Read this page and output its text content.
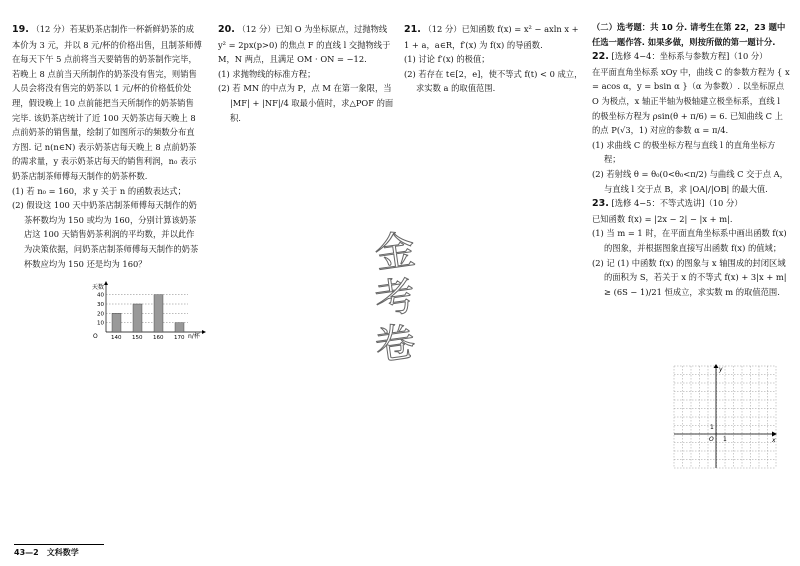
19. （12 分）若某奶茶店制作一杯新鲜奶茶的成本价为 3 元，并以 8 元/杯的价格出售，且制茶师傅在每天下午 5 点前将当天要销售的奶茶制作完毕，若晚上 8 点前当天所制作的奶茶没有售完，则销售人员会将没有售完的奶茶以 1 元/杯的价格低价处理，假设晚上 10 点前能把当天所制作的奶茶销售完毕. 该奶茶店统计了近 100 天奶茶店每天晚上 8 点前奶茶的销售量，绘制了如图所示的频数分布直方图. 记 n(n∈N) 表示奶茶店每天晚上 8 点前奶茶的需求量，y 表示奶茶店每天的销售利润，n₀ 表示奶茶店制茶师傅每天制作的奶茶杯数.

(1) 若 n₀ = 160，求 y 关于 n 的函数表达式；

(2) 假设这 100 天中奶茶店制茶师傅每天制作的奶茶杯数均为 150 或均为 160，分别计算该奶茶店这 100 天销售奶茶利润的平均数，并以此作为决策依据，问奶茶店制茶师傅每天制作的奶茶杯数应均为 150 还是均为 160？

天数
O	n/杯
10
20
30
40
140 150 160 170

20. （12 分）已知 O 为坐标原点，过抛物线 y² = 2px(p>0) 的焦点 F 的直线 l 交抛物线于 M，N 两点，且满足 OM · ON = −12.

(1) 求抛物线的标准方程；

(2) 若 MN 的中点为 P，点 M 在第一象限，当 |MF| + |NF|/4 取最小值时，求△POF 的面积.

金
考
卷

21. （12 分）已知函数 f(x) = x² − axln x + 1 + a，a∈R，f′(x) 为 f(x) 的导函数.

(1) 讨论 f′(x) 的极值；

(2) 若存在 t∈[2，e]，使不等式 f(t) < 0 成立，求实数 a 的取值范围.

（二）选考题：共 10 分. 请考生在第 22，23 题中任选一题作答. 如果多做，则按所做的第一题计分.

22. [选修 4−4：坐标系与参数方程]（10 分）

在平面直角坐标系 xOy 中，曲线 C 的参数方程为 { x = acos α，y = bsin α }（α 为参数）. 以坐标原点 O 为极点，x 轴正半轴为极轴建立极坐标系，直线 l 的极坐标方程为 ρsin(θ + π/6) = 6. 已知曲线 C 上的点 P(√3，1) 对应的参数 α = π/4.

(1) 求曲线 C 的极坐标方程与直线 l 的直角坐标方程；

(2) 若射线 θ = θ₀(0<θ₀<π/2) 与曲线 C 交于点 A，与直线 l 交于点 B，求 |OA|/|OB| 的最大值.

23. [选修 4−5：不等式选讲]（10 分）

已知函数 f(x) = |2x − 2| − |x + m|.

(1) 当 m = 1 时，在平面直角坐标系中画出函数 f(x) 的图象，并根据图象直接写出函数 f(x) 的值域；

(2) 记 (1) 中函数 f(x) 的图象与 x 轴围成的封闭区域的面积为 S，若关于 x 的不等式 f(x) + 3|x + m| ≥ (6S − 1)/21 恒成立，求实数 m 的取值范围.

x
y
O 1
1
43—2　文科数学
